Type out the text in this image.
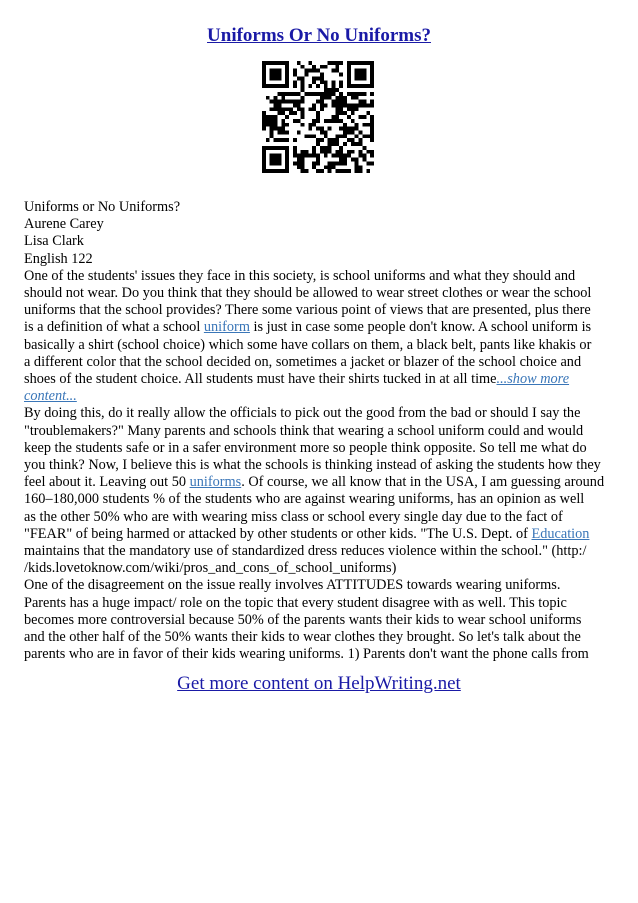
Uniforms Or No Uniforms?
Uniforms or No Uniforms?
Aurene Carey
Lisa Clark
English 122
One of the students' issues they face in this society, is school uniforms and what they should and
should not wear. Do you think that they should be allowed to wear street clothes or wear the school
uniforms that the school provides? There some various point of views that are presented, plus there
is a definition of what a school uniform is just in case some people don't know. A school uniform is
basically a shirt (school choice) which some have collars on them, a black belt, pants like khakis or
a different color that the school decided on, sometimes a jacket or blazer of the school choice and
shoes of the student choice. All students must have their shirts tucked in at all time...show more
content...
By doing this, do it really allow the officials to pick out the good from the bad or should I say the
"troublemakers?" Many parents and schools think that wearing a school uniform could and would
keep the students safe or in a safer environment more so people think opposite. So tell me what do
you think? Now, I believe this is what the schools is thinking instead of asking the students how they
feel about it. Leaving out 50 uniforms. Of course, we all know that in the USA, I am guessing around
160–180,000 students % of the students who are against wearing uniforms, has an opinion as well
as the other 50% who are with wearing miss class or school every single day due to the fact of
"FEAR" of being harmed or attacked by other students or other kids. "The U.S. Dept. of Education
maintains that the mandatory use of standardized dress reduces violence within the school." (http:/
/kids.lovetoknow.com/wiki/pros_and_cons_of_school_uniforms)
One of the disagreement on the issue really involves ATTITUDES towards wearing uniforms.
Parents has a huge impact/ role on the topic that every student disagree with as well. This topic
becomes more controversial because 50% of the parents wants their kids to wear school uniforms
and the other half of the 50% wants their kids to wear clothes they brought. So let's talk about the
parents who are in favor of their kids wearing uniforms. 1) Parents don't want the phone calls from
Get more content on HelpWriting.net
